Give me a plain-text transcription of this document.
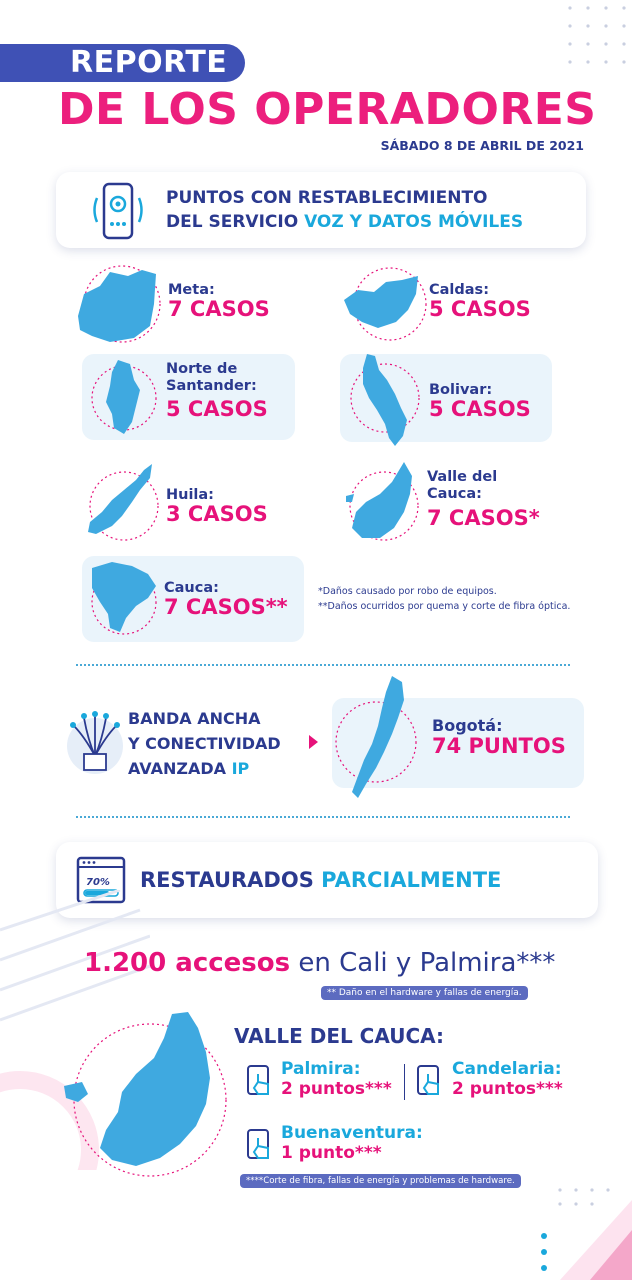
REPORTE
DE LOS OPERADORES
SÁBADO 8 DE ABRIL DE 2021
PUNTOS CON RESTABLECIMIENTO
DEL SERVICIO VOZ Y DATOS MÓVILES
Meta:
7 CASOS
Caldas:
5 CASOS
Norte de
Santander:
5 CASOS
Bolivar:
5 CASOS
Huila:
3 CASOS
Valle del
Cauca:
7 CASOS*
Cauca:
7 CASOS**
*Daños causado por robo de equipos.
**Daños ocurridos por quema y corte de fibra óptica.
BANDA ANCHA
Y CONECTIVIDAD
AVANZADA IP
Bogotá:
74 PUNTOS
70% RESTAURADOS PARCIALMENTE
1.200 accesos en Cali y Palmira***
** Daño en el hardware y fallas de energía.
VALLE DEL CAUCA:
Palmira:
2 puntos***
Candelaria:
2 puntos***
Buenaventura:
1 punto***
****Corte de fibra, fallas de energía y problemas de hardware.
